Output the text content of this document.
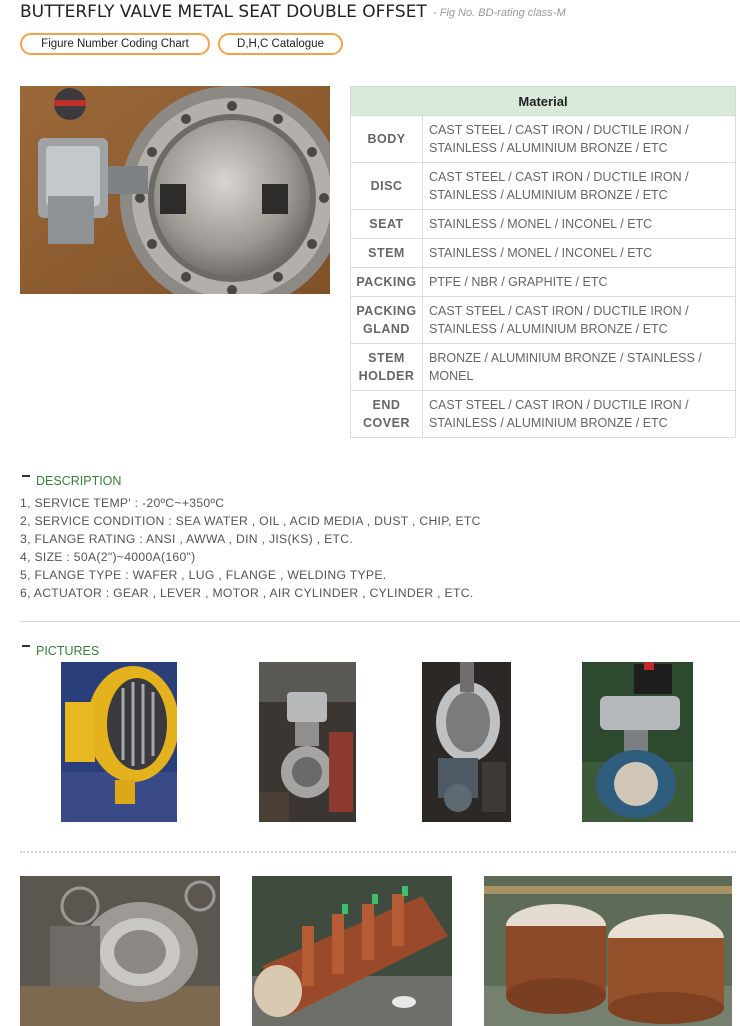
BUTTERFLY VALVE METAL SEAT DOUBLE OFFSET - Fig No. BD-rating class-M
Figure Number Coding Chart	D,H,C Catalogue
Material	
BODY	CAST STEEL / CAST IRON / DUCTILE IRON /
STAINLESS / ALUMINIUM BRONZE / ETC
DISC	CAST STEEL / CAST IRON / DUCTILE IRON /
STAINLESS / ALUMINIUM BRONZE / ETC
SEAT	STAINLESS / MONEL / INCONEL / ETC
STEM	STAINLESS / MONEL / INCONEL / ETC
PACKING	PTFE / NBR / GRAPHITE / ETC
PACKING
GLAND	CAST STEEL / CAST IRON / DUCTILE IRON /
STAINLESS / ALUMINIUM BRONZE / ETC
STEM
HOLDER	BRONZE / ALUMINIUM BRONZE / STAINLESS /
MONEL
END
COVER	CAST STEEL / CAST IRON / DUCTILE IRON /
STAINLESS / ALUMINIUM BRONZE / ETC
DESCRIPTION
1, SERVICE TEMP' : -20ºC~+350ºC
2, SERVICE CONDITION : SEA WATER , OIL , ACID MEDIA , DUST , CHIP, ETC
3, FLANGE RATING : ANSI , AWWA , DIN , JIS(KS) , ETC.
4, SIZE : 50A(2")~4000A(160")
5, FLANGE TYPE : WAFER , LUG , FLANGE , WELDING TYPE.
6, ACTUATOR : GEAR , LEVER , MOTOR , AIR CYLINDER , CYLINDER , ETC.
PICTURES
